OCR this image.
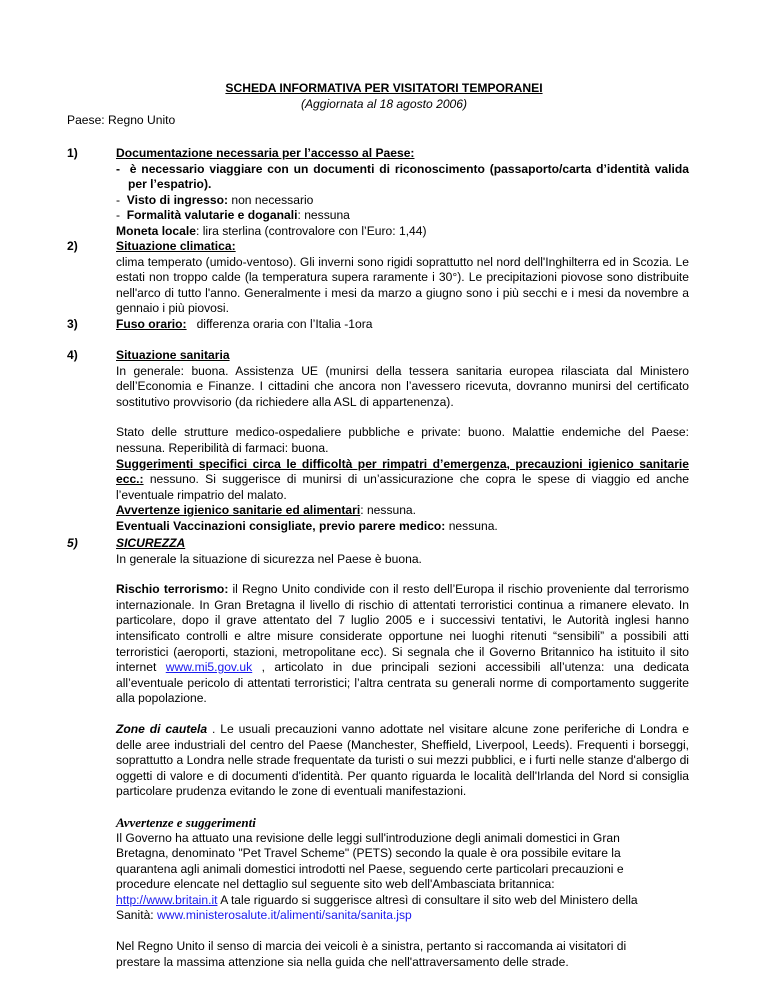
SCHEDA INFORMATIVA PER VISITATORI TEMPORANEI
(Aggiornata al 18 agosto 2006)
Paese: Regno Unito
1)	Documentazione necessaria per l’accesso al Paese:
-  è necessario viaggiare con un documenti di riconoscimento (passaporto/carta d’identità valida per l’espatrio).
-  Visto di ingresso: non necessario
-  Formalità valutarie e doganali: nessuna
Moneta locale: lira sterlina (controvalore con l’Euro: 1,44)
2)	Situazione climatica:
clima temperato (umido-ventoso). Gli inverni sono rigidi soprattutto nel nord dell'Inghilterra ed in Scozia. Le estati non troppo calde (la temperatura supera raramente i 30°). Le precipitazioni piovose sono distribuite nell'arco di tutto l'anno. Generalmente i mesi da marzo a giugno sono i più secchi e i mesi da novembre a gennaio i più piovosi.
3)	Fuso orario: differenza oraria con l’Italia -1ora
4)	Situazione sanitaria
In generale: buona. Assistenza UE (munirsi della tessera sanitaria europea rilasciata dal Ministero dell’Economia e Finanze. I cittadini che ancora non l’avessero ricevuta, dovranno munirsi del certificato sostitutivo provvisorio (da richiedere alla ASL di appartenenza).
Stato delle strutture medico-ospedaliere pubbliche e private: buono. Malattie endemiche del Paese: nessuna. Reperibilità di farmaci: buona.
Suggerimenti specifici circa le difficoltà per rimpatri d’emergenza, precauzioni igienico sanitarie ecc.: nessuno. Si suggerisce di munirsi di un’assicurazione che copra le spese di viaggio ed anche l’eventuale rimpatrio del malato.
Avvertenze igienico sanitarie ed alimentari: nessuna.
Eventuali Vaccinazioni consigliate, previo parere medico: nessuna.
5)	SICUREZZA
In generale la situazione di sicurezza nel Paese è buona.
Rischio terrorismo: il Regno Unito condivide con il resto dell’Europa il rischio proveniente dal terrorismo internazionale. In Gran Bretagna il livello di rischio di attentati terroristici continua a rimanere elevato. In particolare, dopo il grave attentato del 7 luglio 2005 e i successivi tentativi, le Autorità inglesi hanno intensificato controlli e altre misure considerate opportune nei luoghi ritenuti “sensibili” a possibili atti terroristici (aeroporti, stazioni, metropolitane ecc). Si segnala che il Governo Britannico ha istituito il sito internet www.mi5.gov.uk , articolato in due principali sezioni accessibili all’utenza: una dedicata all’eventuale pericolo di attentati terroristici; l’altra centrata su generali norme di comportamento suggerite alla popolazione.
Zone di cautela . Le usuali precauzioni vanno adottate nel visitare alcune zone periferiche di Londra e delle aree industriali del centro del Paese (Manchester, Sheffield, Liverpool, Leeds). Frequenti i borseggi, soprattutto a Londra nelle strade frequentate da turisti o sui mezzi pubblici, e i furti nelle stanze d'albergo di oggetti di valore e di documenti d'identità. Per quanto riguarda le località dell'Irlanda del Nord si consiglia particolare prudenza evitando le zone di eventuali manifestazioni.
Avvertenze e suggerimenti
Il Governo ha attuato una revisione delle leggi sull'introduzione degli animali domestici in Gran
Bretagna, denominato "Pet Travel Scheme" (PETS) secondo la quale è ora possibile evitare la
quarantena agli animali domestici introdotti nel Paese, seguendo certe particolari precauzioni e
procedure elencate nel dettaglio sul seguente sito web dell'Ambasciata britannica:
http://www.britain.it A tale riguardo si suggerisce altresì di consultare il sito web del Ministero della
Sanità: www.ministerosalute.it/alimenti/sanita/sanita.jsp
Nel Regno Unito il senso di marcia dei veicoli è a sinistra, pertanto si raccomanda ai visitatori di
prestare la massima attenzione sia nella guida che nell'attraversamento delle strade.
